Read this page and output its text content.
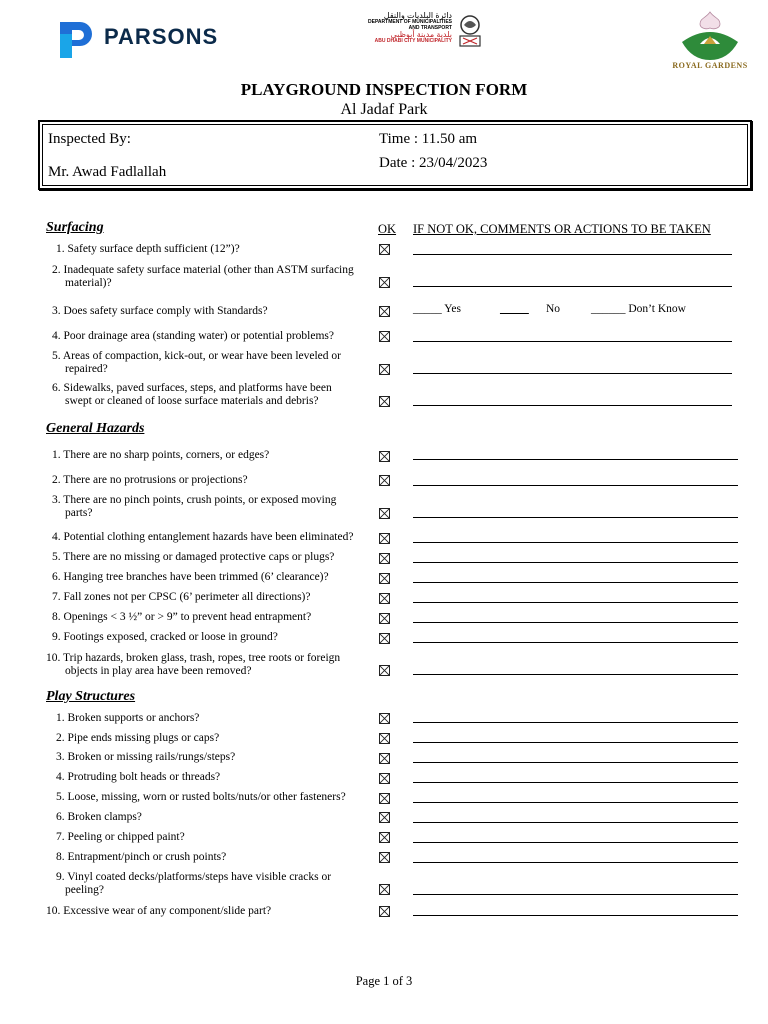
PARSONS
دائرة البلديات والنقل
DEPARTMENT OF MUNICIPALITIES
AND TRANSPORT
بلدية مدينة أبوظبي
ABU DHABI CITY MUNICIPALITY
ROYAL GARDENS
PLAYGROUND INSPECTION FORM
Al Jadaf Park
Inspected By:
Mr. Awad Fadlallah
Time : 11.50 am
Date : 23/04/2023
OK IF NOT OK, COMMENTS OR ACTIONS TO BE TAKEN
Surfacing
General Hazards
Play Structures
1. Safety surface depth sufficient (12”)?
2. Inadequate safety surface material (other than ASTM surfacing
material)?
3. Does safety surface comply with Standards?	_____ Yes	_____ No	______ Don’t Know
4. Poor drainage area (standing water) or potential problems?
5. Areas of compaction, kick-out, or wear have been leveled or
repaired?
6. Sidewalks, paved surfaces, steps, and platforms have been
swept or cleaned of loose surface materials and debris?
1. There are no sharp points, corners, or edges?
2. There are no protrusions or projections?
3. There are no pinch points, crush points, or exposed moving
parts?
4. Potential clothing entanglement hazards have been eliminated?
5. There are no missing or damaged protective caps or plugs?
6. Hanging tree branches have been trimmed (6’ clearance)?
7. Fall zones not per CPSC (6’ perimeter all directions)?
8. Openings < 3 ½” or > 9” to prevent head entrapment?
9. Footings exposed, cracked or loose in ground?
10. Trip hazards, broken glass, trash, ropes, tree roots or foreign
objects in play area have been removed?
1. Broken supports or anchors?
2. Pipe ends missing plugs or caps?
3. Broken or missing rails/rungs/steps?
4. Protruding bolt heads or threads?
5. Loose, missing, worn or rusted bolts/nuts/or other fasteners?
6. Broken clamps?
7. Peeling or chipped paint?
8. Entrapment/pinch or crush points?
9. Vinyl coated decks/platforms/steps have visible cracks or
peeling?
10. Excessive wear of any component/slide part?
Page 1 of 3
